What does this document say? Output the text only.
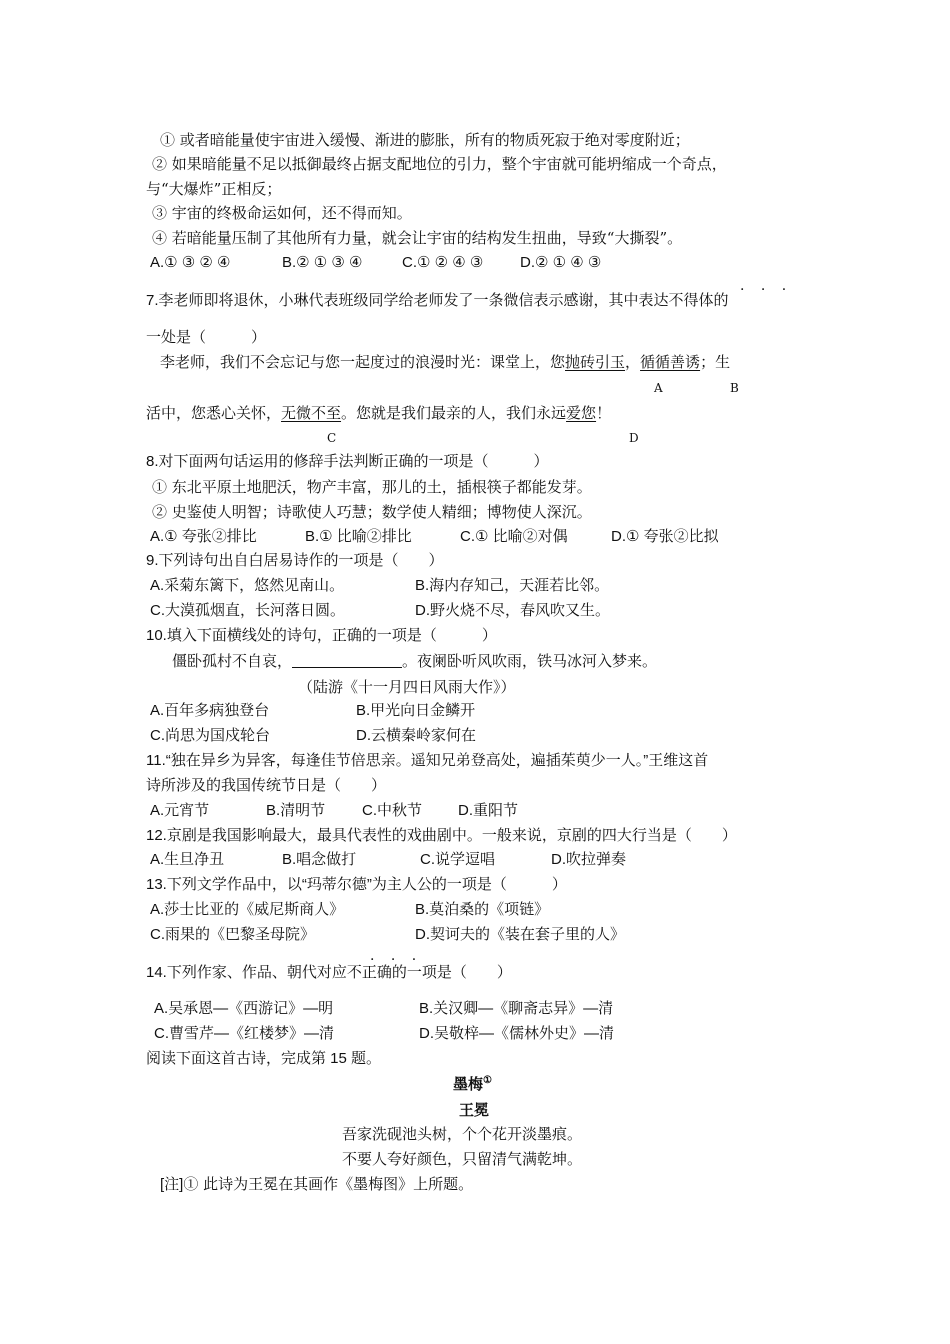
① 或者暗能量使宇宙进入缓慢、渐进的膨胀，所有的物质死寂于绝对零度附近；
② 如果暗能量不足以抵御最终占据支配地位的引力，整个宇宙就可能坍缩成一个奇点，
与“大爆炸”正相反；
③ 宇宙的终极命运如何，还不得而知。
④ 若暗能量压制了其他所有力量，就会让宇宙的结构发生扭曲，导致“大撕裂”。
A.① ③ ② ④	B.② ① ③ ④	C.① ② ④ ③ D.② ① ④ ③
· · ·
7.李老师即将退休，小琳代表班级同学给老师发了一条微信表示感谢，其中表达不得体的
一处是（　　　）
李老师，我们不会忘记与您一起度过的浪漫时光：课堂上，您抛砖引玉，循循善诱；生
A	B
活中，您悉心关怀，无微不至。您就是我们最亲的人，我们永远爱您！
C	D
8.对下面两句话运用的修辞手法判断正确的一项是（　　　）
① 东北平原土地肥沃，物产丰富，那儿的土，插根筷子都能发芽。
② 史鉴使人明智；诗歌使人巧慧；数学使人精细；博物使人深沉。
A.① 夸张②排比	B.① 比喻②排比	C.① 比喻②对偶	D.① 夸张②比拟
9.下列诗句出自白居易诗作的一项是（　　）
A.采菊东篱下，悠然见南山。	B.海内存知己，天涯若比邻。
C.大漠孤烟直，长河落日圆。	D.野火烧不尽，春风吹又生。
10.填入下面横线处的诗句，正确的一项是（　　　）
僵卧孤村不自哀，	。夜阑卧听风吹雨，铁马冰河入梦来。
（陆游《十一月四日风雨大作》）
A.百年多病独登台	B.甲光向日金鳞开
C.尚思为国戍轮台	D.云横秦岭家何在
11.“独在异乡为异客，每逢佳节倍思亲。遥知兄弟登高处，遍插茱萸少一人。”王维这首
诗所涉及的我国传统节日是（　　）
A.元宵节	B.清明节 C.中秋节 D.重阳节
12.京剧是我国影响最大，最具代表性的戏曲剧中。一般来说，京剧的四大行当是（　　）
A.生旦净丑	B.唱念做打	C.说学逗唱	D.吹拉弹奏
13.下列文学作品中，以“玛蒂尔德”为主人公的一项是（　　　）
A.莎士比亚的《威尼斯商人》	B.莫泊桑的《项链》
C.雨果的《巴黎圣母院》	D.契诃夫的《装在套子里的人》
· · ·
14.下列作家、作品、朝代对应不正确的一项是（　　）
A.吴承恩—《西游记》—明	B.关汉卿—《聊斋志异》—清
C.曹雪芹—《红楼梦》—清	D.吴敬梓—《儒林外史》—清
阅读下面这首古诗，完成第 15 题。
墨梅①
王冕
吾家洗砚池头树，个个花开淡墨痕。
不要人夸好颜色，只留清气满乾坤。
[注]① 此诗为王冕在其画作《墨梅图》上所题。
